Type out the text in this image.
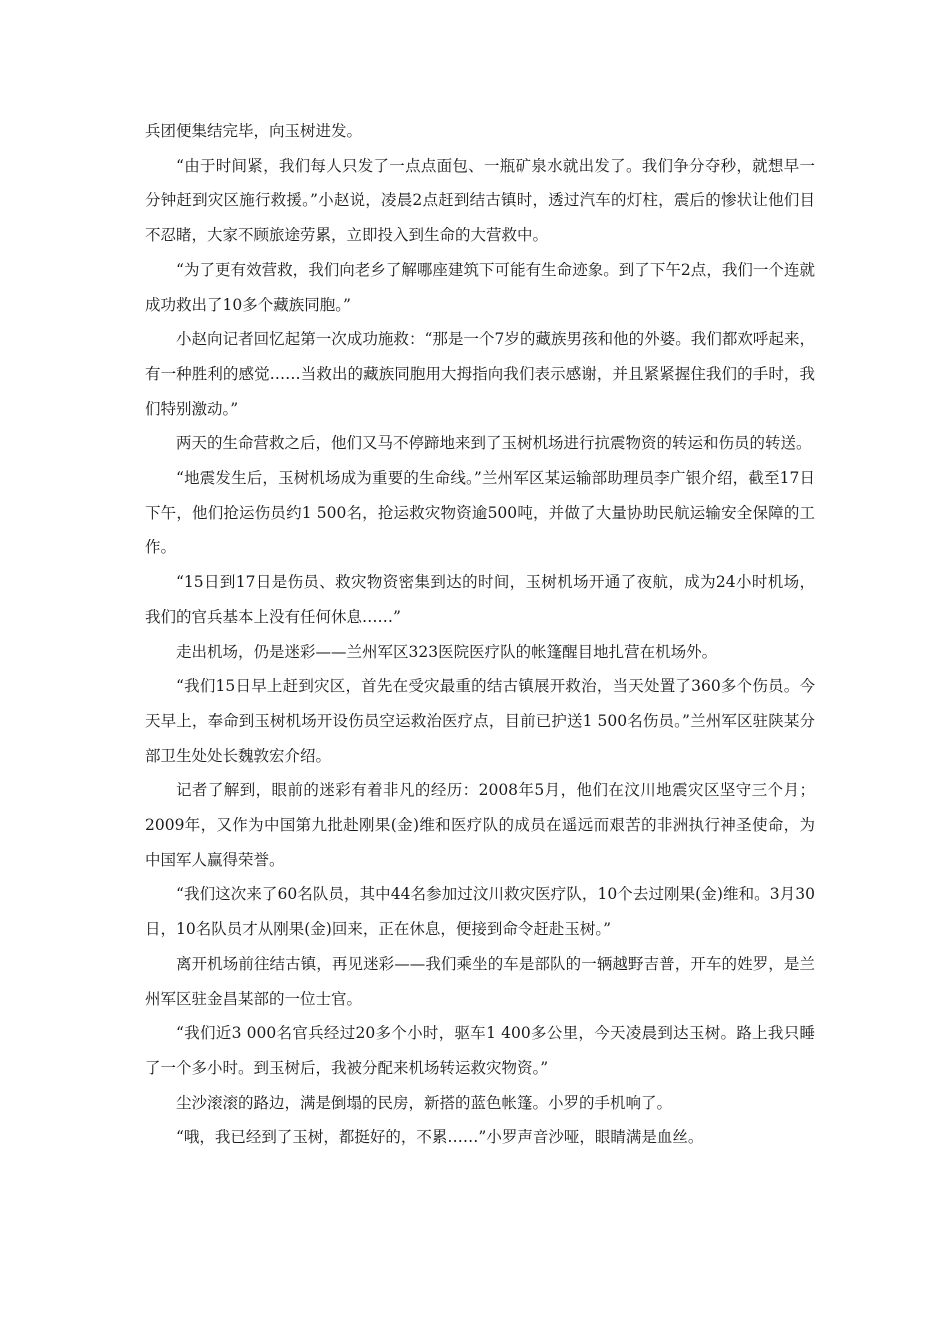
兵团便集结完毕，向玉树进发。

“由于时间紧，我们每人只发了一点点面包、一瓶矿泉水就出发了。我们争分夺秒，就想早一分钟赶到灾区施行救援。”小赵说，凌晨2点赶到结古镇时，透过汽车的灯柱，震后的惨状让他们目不忍睹，大家不顾旅途劳累，立即投入到生命的大营救中。

“为了更有效营救，我们向老乡了解哪座建筑下可能有生命迹象。到了下午2点，我们一个连就成功救出了10多个藏族同胞。”

小赵向记者回忆起第一次成功施救：“那是一个7岁的藏族男孩和他的外婆。我们都欢呼起来，有一种胜利的感觉……当救出的藏族同胞用大拇指向我们表示感谢，并且紧紧握住我们的手时，我们特别激动。”

两天的生命营救之后，他们又马不停蹄地来到了玉树机场进行抗震物资的转运和伤员的转送。

“地震发生后，玉树机场成为重要的生命线。”兰州军区某运输部助理员李广银介绍，截至17日下午，他们抢运伤员约1 500名，抢运救灾物资逾500吨，并做了大量协助民航运输安全保障的工作。

“15日到17日是伤员、救灾物资密集到达的时间，玉树机场开通了夜航，成为24小时机场，我们的官兵基本上没有任何休息……”

走出机场，仍是迷彩——兰州军区323医院医疗队的帐篷醒目地扎营在机场外。

“我们15日早上赶到灾区，首先在受灾最重的结古镇展开救治，当天处置了360多个伤员。今天早上，奉命到玉树机场开设伤员空运救治医疗点，目前已护送1 500名伤员。”兰州军区驻陕某分部卫生处处长魏敦宏介绍。

记者了解到，眼前的迷彩有着非凡的经历：2008年5月，他们在汶川地震灾区坚守三个月；2009年，又作为中国第九批赴刚果(金)维和医疗队的成员在遥远而艰苦的非洲执行神圣使命，为中国军人赢得荣誉。

“我们这次来了60名队员，其中44名参加过汶川救灾医疗队，10个去过刚果(金)维和。3月30日，10名队员才从刚果(金)回来，正在休息，便接到命令赶赴玉树。”

离开机场前往结古镇，再见迷彩——我们乘坐的车是部队的一辆越野吉普，开车的姓罗，是兰州军区驻金昌某部的一位士官。

“我们近3 000名官兵经过20多个小时，驱车1 400多公里，今天凌晨到达玉树。路上我只睡了一个多小时。到玉树后，我被分配来机场转运救灾物资。”

尘沙滚滚的路边，满是倒塌的民房，新搭的蓝色帐篷。小罗的手机响了。

“哦，我已经到了玉树，都挺好的，不累……”小罗声音沙哑，眼睛满是血丝。
